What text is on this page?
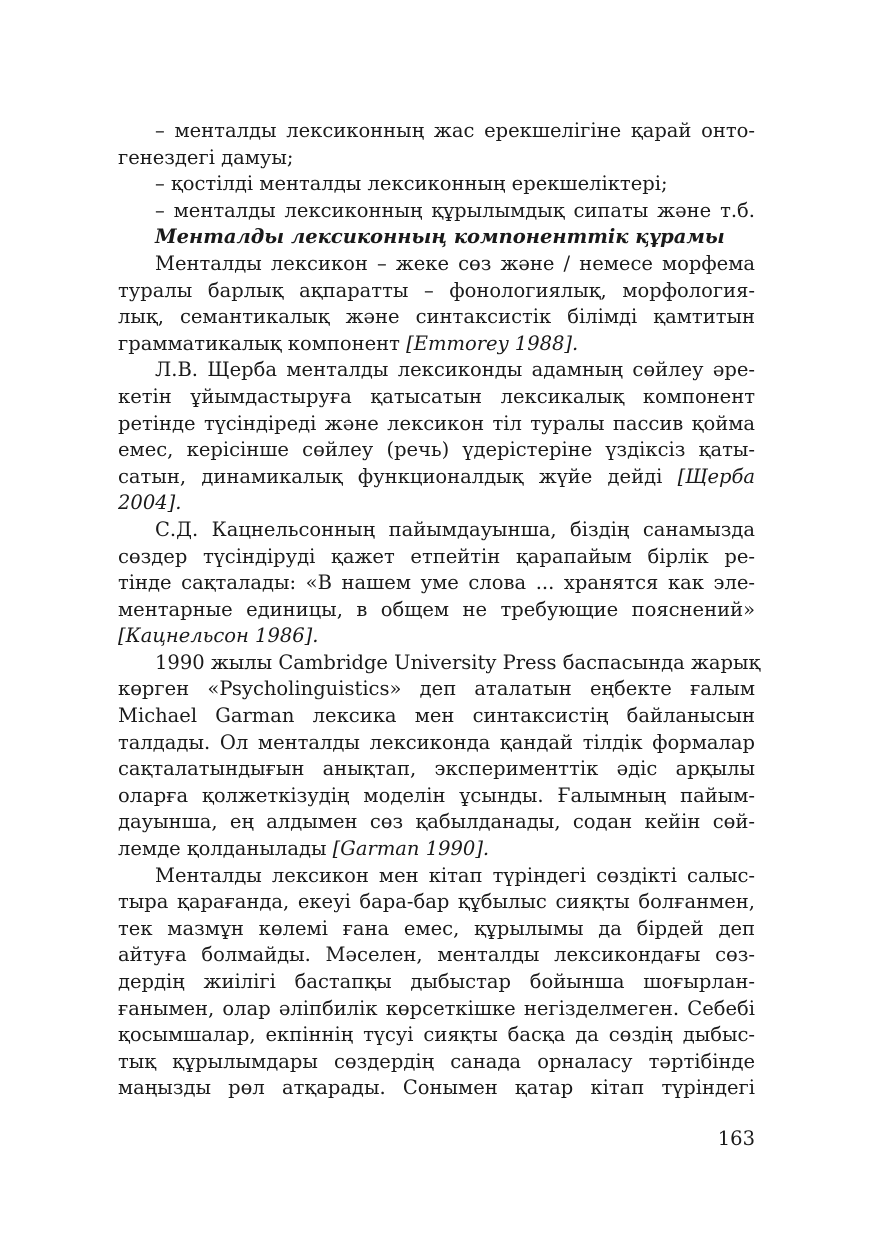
– менталды лексиконның жас ерекшелігіне қарай онто-
генездегі дамуы;
– қостілді менталды лексиконның ерекшеліктері;
– менталды лексиконның құрылымдық сипаты және т.б.
Менталды лексиконның компоненттік құрамы
Менталды лексикон – жеке сөз және / немесе морфема
туралы барлық ақпаратты – фонологиялық, морфология-
лық, семантикалық және синтаксистік білімді қамтитын
грамматикалық компонент [Emmorey 1988].
Л.В. Щерба менталды лексиконды адамның сөйлеу әре-
кетін ұйымдастыруға қатысатын лексикалық компонент
ретінде түсіндіреді және лексикон тіл туралы пассив қойма
емес, керісінше сөйлеу (речь) үдерістеріне үздіксіз қаты-
сатын, динамикалық функционалдық жүйе дейді [Щерба
2004].
С.Д. Кацнельсонның пайымдауынша, біздің санамызда
сөздер түсіндіруді қажет етпейтін қарапайым бірлік ре-
тінде сақталады: «В нашем уме слова ... хранятся как эле-
ментарные единицы, в общем не требующие пояснений»
[Кацнельсон 1986].
1990 жылы Cambridge University Press баспасында жарық
көрген «Psycholinguistics» деп аталатын еңбекте ғалым
Michael Garman лексика мен синтаксистің байланысын
талдады. Ол менталды лексиконда қандай тілдік формалар
сақталатындығын анықтап, эксперименттік әдіс арқылы
оларға қолжеткізудің моделін ұсынды. Ғалымның пайым-
дауынша, ең алдымен сөз қабылданады, содан кейін сөй-
лемде қолданылады [Garman 1990].
Менталды лексикон мен кітап түріндегі сөздікті салыс-
тыра қарағанда, екеуі бара-бар құбылыс сияқты болғанмен,
тек мазмұн көлемі ғана емес, құрылымы да бірдей деп
айтуға болмайды. Мәселен, менталды лексикондағы сөз-
дердің жиілігі бастапқы дыбыстар бойынша шоғырлан-
ғанымен, олар әліпбилік көрсеткішке негізделмеген. Себебі
қосымшалар, екпіннің түсуі сияқты басқа да сөздің дыбыс-
тық құрылымдары сөздердің санада орналасу тәртібінде
маңызды рөл атқарады. Сонымен қатар кітап түріндегі
163
